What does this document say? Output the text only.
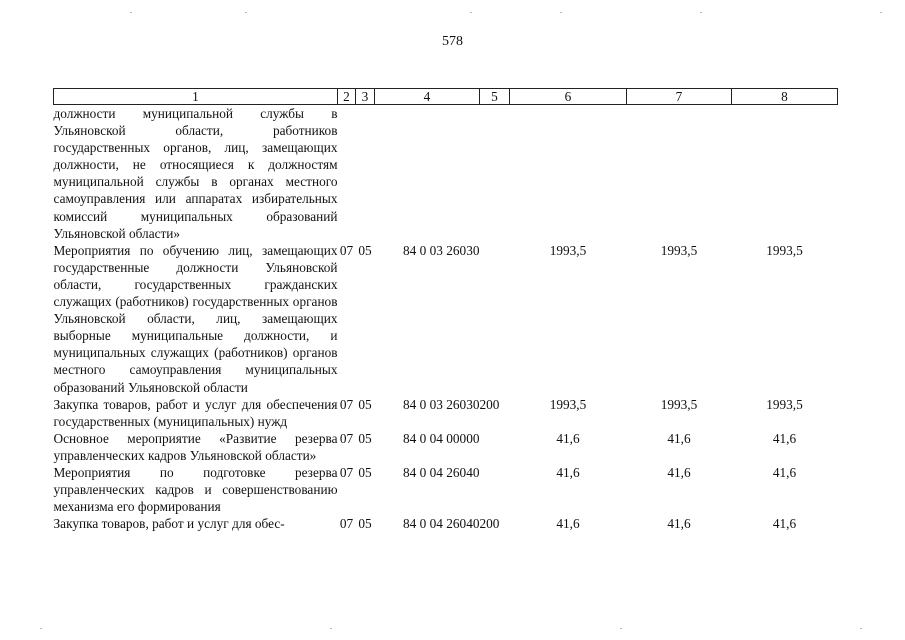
578
1	2	3	4	5	6	7	8
должности муниципальной службы в Ульяновской области, работников государственных органов, лиц, замещающих должности, не относящиеся к должностям муниципальной службы в органах местного самоуправления или аппаратах избирательных комиссий муниципальных образований Ульяновской области»							
Мероприятия по обучению лиц, замещающих государственные должности Ульяновской области, государственных гражданских служащих (работников) государственных органов Ульяновской области, лиц, замещающих выборные муниципальные должности, и муниципальных служащих (работников) органов местного самоуправления муниципальных образований Ульяновской области	07	05	84 0 03 26030		1993,5	1993,5	1993,5
Закупка товаров, работ и услуг для обеспечения государственных (муниципальных) нужд	07	05	84 0 03 26030	200	1993,5	1993,5	1993,5
Основное мероприятие «Развитие резерва управленческих кадров Ульяновской области»	07	05	84 0 04 00000		41,6	41,6	41,6
Мероприятия по подготовке резерва управленческих кадров и совершенствованию механизма его формирования	07	05	84 0 04 26040		41,6	41,6	41,6
Закупка товаров, работ и услуг для обес-	07	05	84 0 04 26040	200	41,6	41,6	41,6
